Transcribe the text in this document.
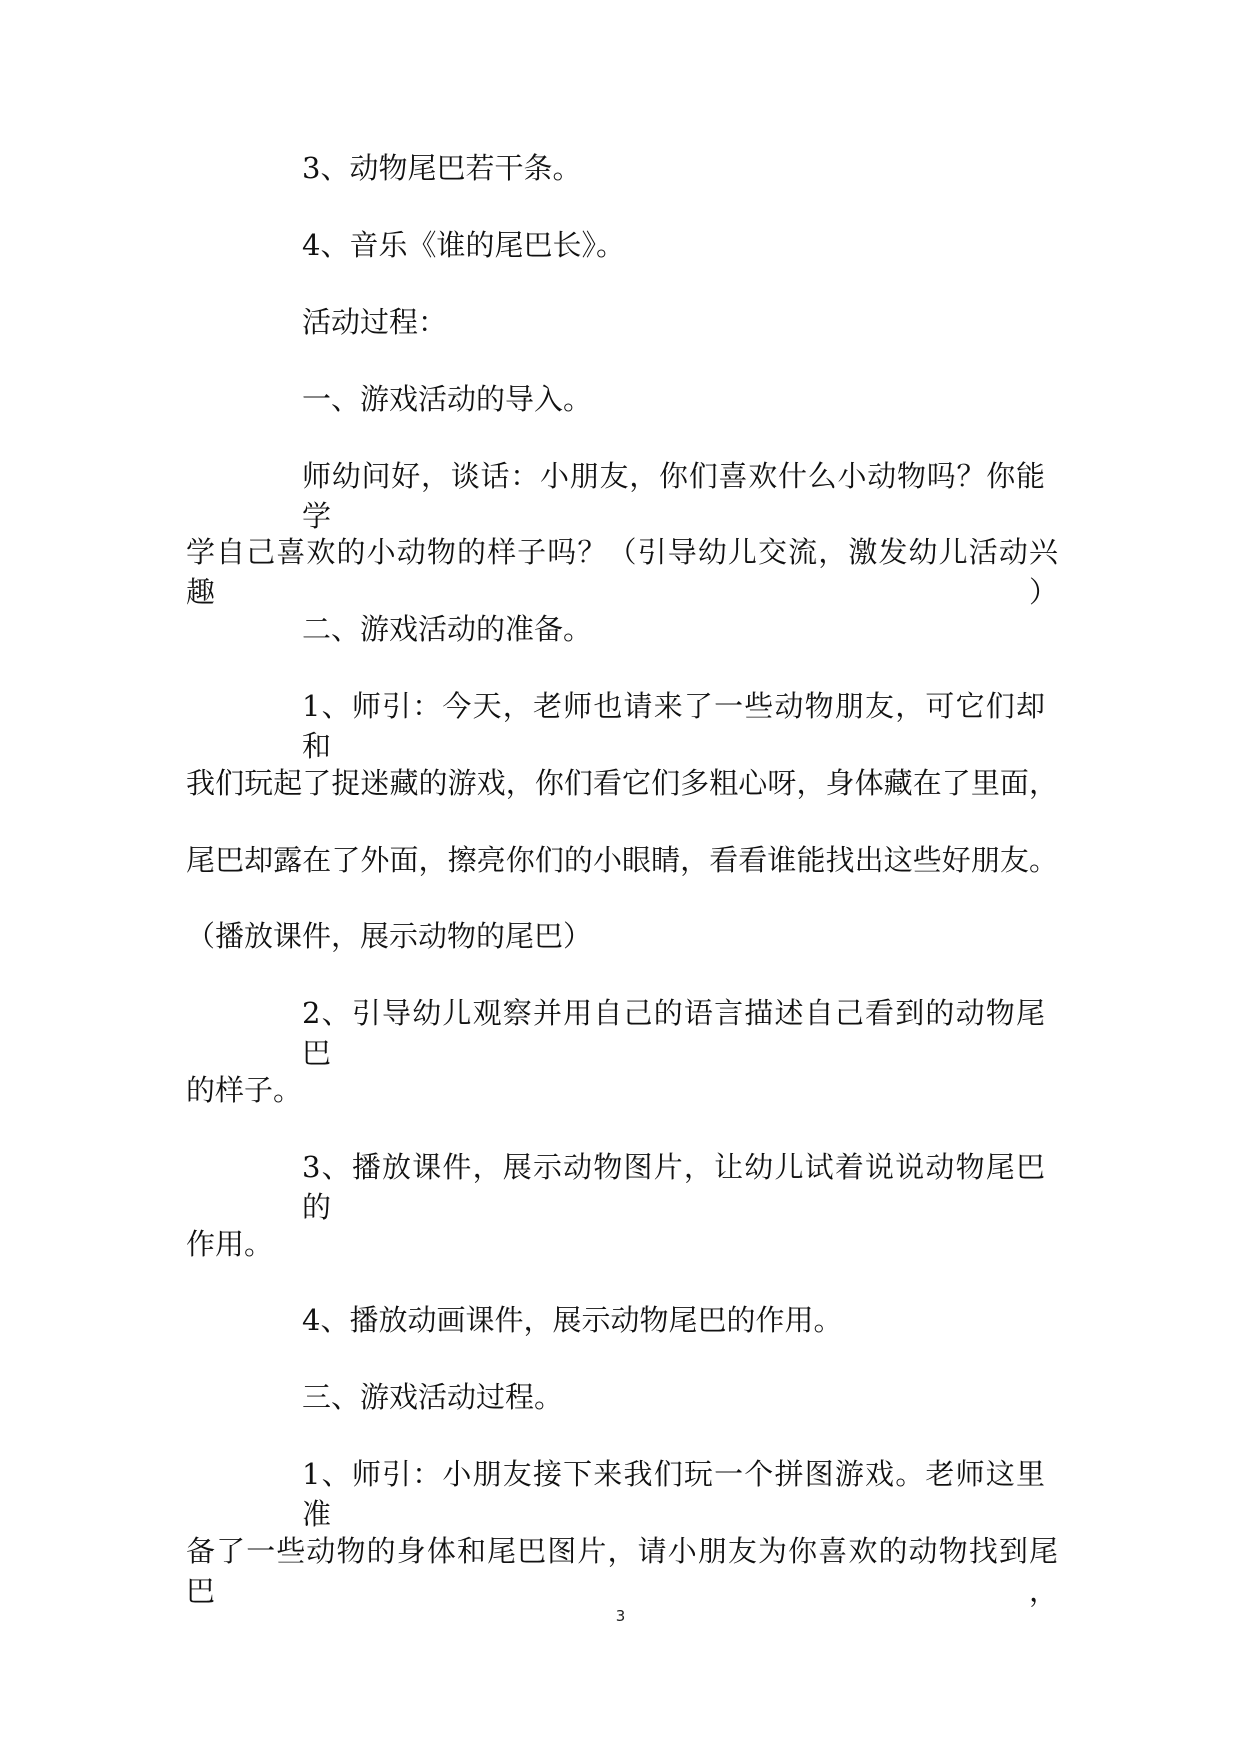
3、动物尾巴若干条。
4、音乐《谁的尾巴长》。
活动过程：
一、游戏活动的导入。
师幼问好，谈话：小朋友，你们喜欢什么小动物吗？你能学
学自己喜欢的小动物的样子吗？（引导幼儿交流，激发幼儿活动兴趣）
二、游戏活动的准备。
1、师引：今天，老师也请来了一些动物朋友，可它们却和
我们玩起了捉迷藏的游戏，你们看它们多粗心呀，身体藏在了里面，
尾巴却露在了外面，擦亮你们的小眼睛，看看谁能找出这些好朋友。
（播放课件，展示动物的尾巴）
2、引导幼儿观察并用自己的语言描述自己看到的动物尾巴
的样子。
3、播放课件，展示动物图片，让幼儿试着说说动物尾巴的
作用。
4、播放动画课件，展示动物尾巴的作用。
三、游戏活动过程。
1、师引：小朋友接下来我们玩一个拼图游戏。老师这里准
备了一些动物的身体和尾巴图片，请小朋友为你喜欢的动物找到尾巴，
3
